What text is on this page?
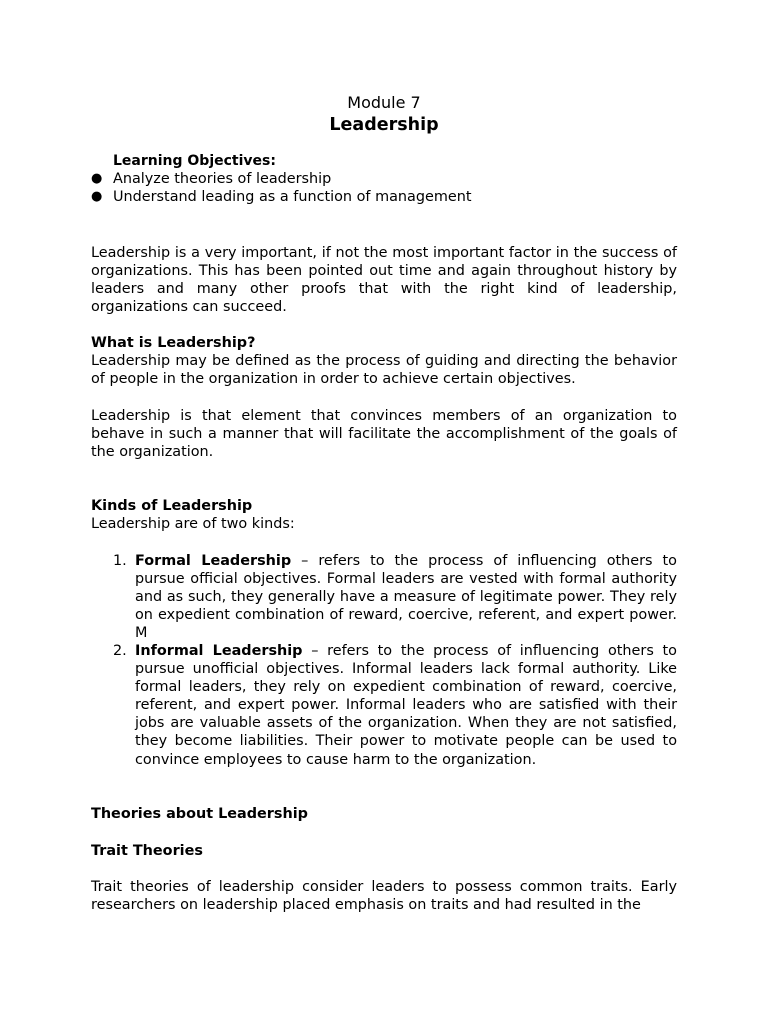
Module 7
Leadership
Learning Objectives:
● Analyze theories of leadership
● Understand leading as a function of management

Leadership is a very important, if not the most important factor in the success of organizations. This has been pointed out time and again throughout history by leaders and many other proofs that with the right kind of leadership, organizations can succeed.

What is Leadership?

Leadership may be defined as the process of guiding and directing the behavior of people in the organization in order to achieve certain objectives.

Leadership is that element that convinces members of an organization to behave in such a manner that will facilitate the accomplishment of the goals of the organization.

Kinds of Leadership
Leadership are of two kinds:
1. Formal Leadership – refers to the process of influencing others to pursue official objectives. Formal leaders are vested with formal authority and as such, they generally have a measure of legitimate power. They rely on expedient combination of reward, coercive, referent, and expert power. M
2. Informal Leadership – refers to the process of influencing others to pursue unofficial objectives. Informal leaders lack formal authority. Like formal leaders, they rely on expedient combination of reward, coercive, referent, and expert power. Informal leaders who are satisfied with their jobs are valuable assets of the organization. When they are not satisfied, they become liabilities. Their power to motivate people can be used to convince employees to cause harm to the organization.
Theories about Leadership
Trait Theories

Trait theories of leadership consider leaders to possess common traits. Early researchers on leadership placed emphasis on traits and had resulted in the
